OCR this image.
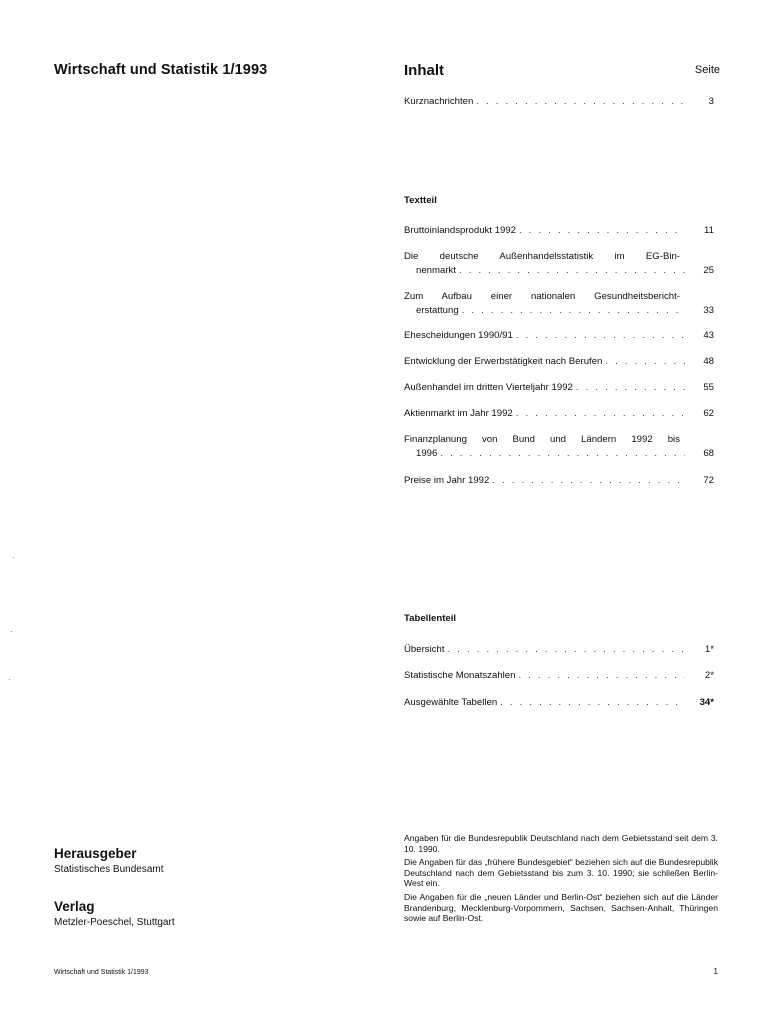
Wirtschaft und Statistik 1/1993	Inhalt	Seite
Kurznachrichten . . .	3
Textteil
Bruttoinlandsprodukt 1992 . . .	11
Die deutsche Außenhandelsstatistik im EG-Bin-
nenmarkt . . .	25
Zum Aufbau einer nationalen Gesundheitsbericht-
erstattung . . .	33
Ehescheidungen 1990/91 . . .	43
Entwicklung der Erwerbstätigkeit nach Berufen . . .	48
Außenhandel im dritten Vierteljahr 1992 . . .	55
Aktienmarkt im Jahr 1992 . . .	62
Finanzplanung von Bund und Ländern 1992 bis
1996 . . .	68
Preise im Jahr 1992 . . .	72
Tabellenteil
Übersicht . . .	1*
Statistische Monatszahlen . . .	2*
Ausgewählte Tabellen . . .	34*
Herausgeber
Statistisches Bundesamt
Verlag
Metzler-Poeschel, Stuttgart

Angaben für die Bundesrepublik Deutschland nach dem Gebietsstand seit dem 3. 10. 1990.

Die Angaben für das „frühere Bundesgebiet“ beziehen sich auf die Bundesrepublik Deutschland nach dem Gebietsstand bis zum 3. 10. 1990; sie schließen Berlin-West ein.

Die Angaben für die „neuen Länder und Berlin-Ost“ beziehen sich auf die Länder Brandenburg, Mecklenburg-Vorpommern, Sachsen, Sachsen-Anhalt, Thüringen sowie auf Berlin-Ost.

·
·
·
Wirtschaft und Statistik 1/1993	1
